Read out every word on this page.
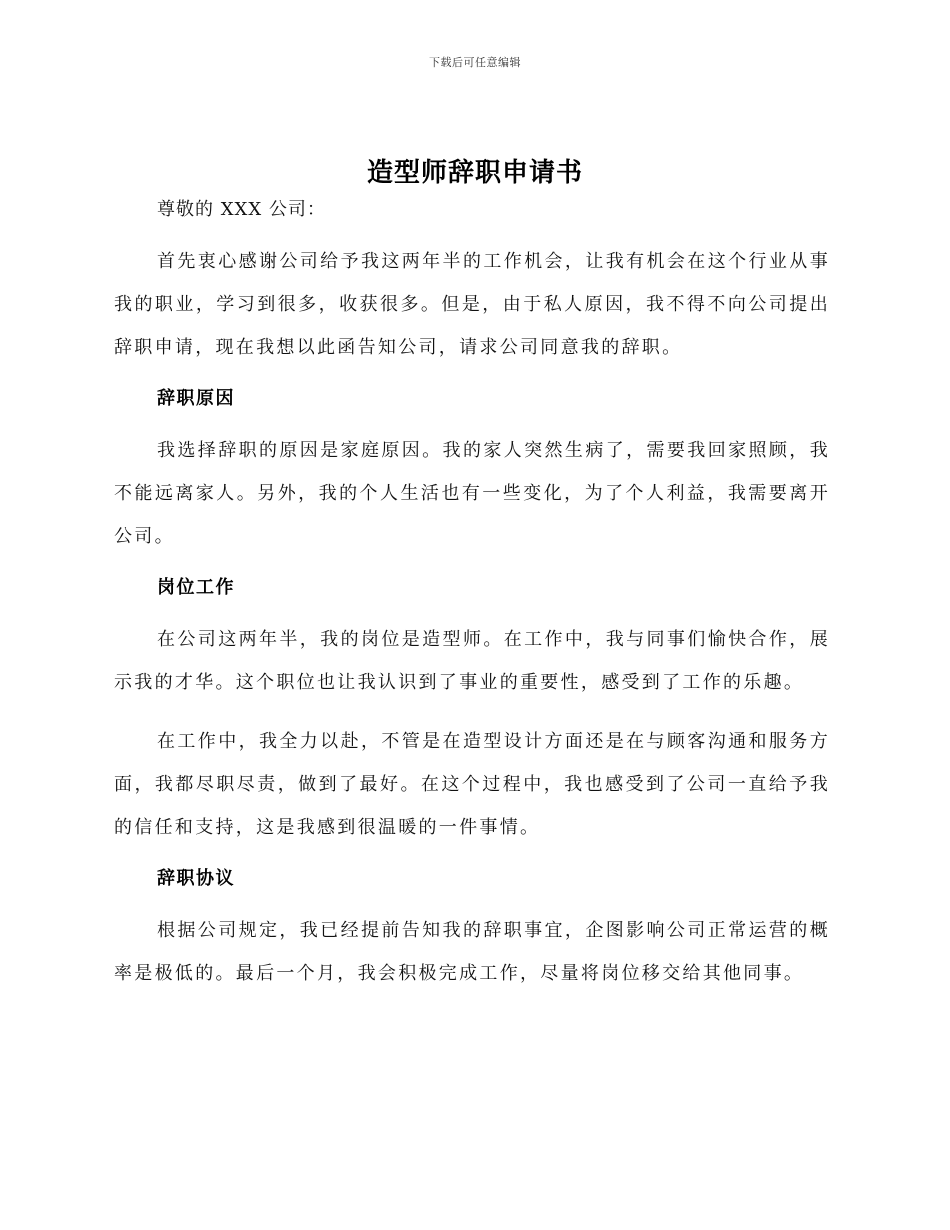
下载后可任意编辑
造型师辞职申请书

尊敬的 XXX 公司：

首先衷心感谢公司给予我这两年半的工作机会，让我有机会在这个行业从事我的职业，学习到很多，收获很多。但是，由于私人原因，我不得不向公司提出辞职申请，现在我想以此函告知公司，请求公司同意我的辞职。

辞职原因

我选择辞职的原因是家庭原因。我的家人突然生病了，需要我回家照顾，我不能远离家人。另外，我的个人生活也有一些变化，为了个人利益，我需要离开公司。

岗位工作

在公司这两年半，我的岗位是造型师。在工作中，我与同事们愉快合作，展示我的才华。这个职位也让我认识到了事业的重要性，感受到了工作的乐趣。

在工作中，我全力以赴，不管是在造型设计方面还是在与顾客沟通和服务方面，我都尽职尽责，做到了最好。在这个过程中，我也感受到了公司一直给予我的信任和支持，这是我感到很温暖的一件事情。

辞职协议

根据公司规定，我已经提前告知我的辞职事宜，企图影响公司正常运营的概率是极低的。最后一个月，我会积极完成工作，尽量将岗位移交给其他同事。
